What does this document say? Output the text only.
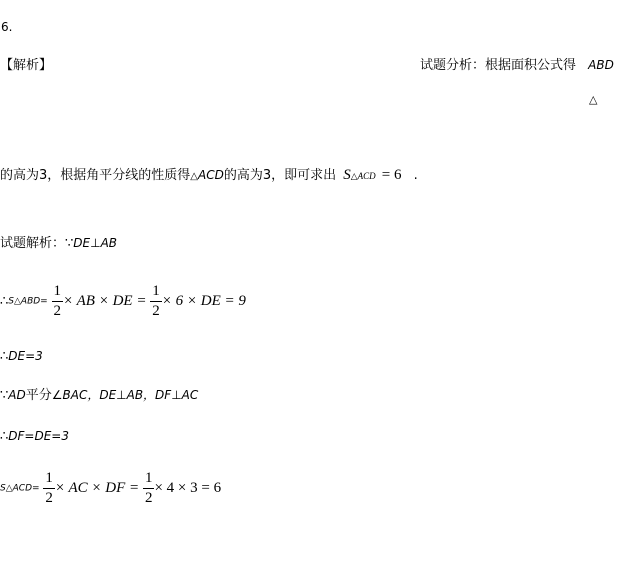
6.
【解析】	试题分析：根据面积公式得 ABD
△
的高为3，根据角平分线的性质得△ACD的高为3，即可求出 S△ACD = 6 .
试题解析：∵DE⊥AB
∴S△ABD= $\frac{1}{2}$ × AB × DE = $\frac{1}{2} \times 6$ × DE = 9
∴DE=3
∵AD平分∠BAC，DE⊥AB，DF⊥AC
∴DF=DE=3
S△ACD= $\frac{1}{2}$ × AC × DF = $\frac{1}{2} \times 4 \times 3 = 6$
